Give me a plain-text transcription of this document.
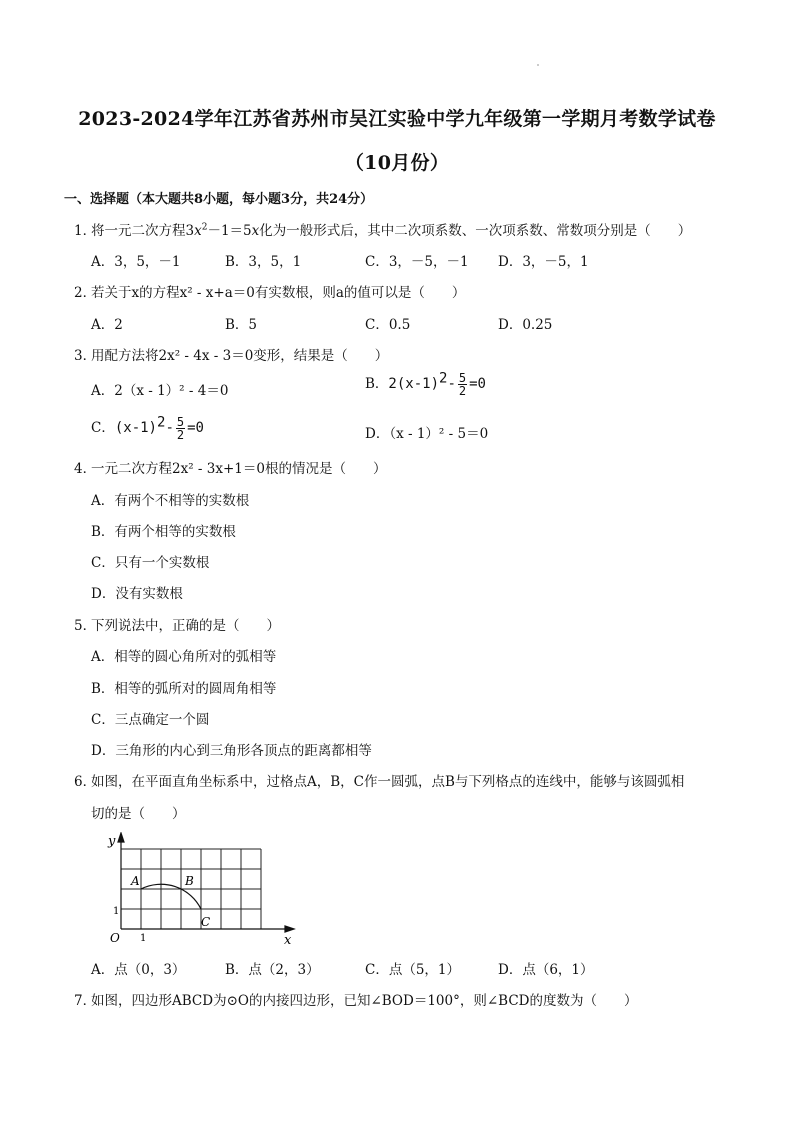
2023-2024学年江苏省苏州市吴江实验中学九年级第一学期月考数学试卷
（10月份）
一、选择题（本大题共8小题，每小题3分，共24分）
1．将一元二次方程$3x^2-1=5x$化为一般形式后，其中二次项系数、一次项系数、常数项分别是（　　）
A．3，5，－1	B．3，5，1	C．3，－5，－1 D．3，－5，1
2．若关于x的方程x² - x+a＝0有实数根，则a的值可以是（　　）
A．2	B．5	C．0.5	D．0.25
3．用配方法将2x² - 4x - 3＝0变形，结果是（　　）
A．2（x - 1）² - 4＝0	B．$2(x-1)^2- \frac{5}{2} =0$
C．$(x-1)^2- \frac{5}{2} =0$	D．（x - 1）² - 5＝0
4．一元二次方程2x² - 3x+1＝0根的情况是（　　）
A．有两个不相等的实数根
B．有两个相等的实数根
C．只有一个实数根
D．没有实数根
5．下列说法中，正确的是（　　）
A．相等的圆心角所对的弧相等
B．相等的弧所对的圆周角相等
C．三点确定一个圆
D．三角形的内心到三角形各顶点的距离都相等
6．如图，在平面直角坐标系中，过格点A，B，C作一圆弧，点B与下列格点的连线中，能够与该圆弧相
切的是（　　）
y
x
O
1
1
A	B
C
A．点（0，3）	B．点（2，3）	C．点（5，1）	D．点（6，1）
7．如图，四边形ABCD为⊙O的内接四边形，已知∠BOD＝100°，则∠BCD的度数为（　　）
